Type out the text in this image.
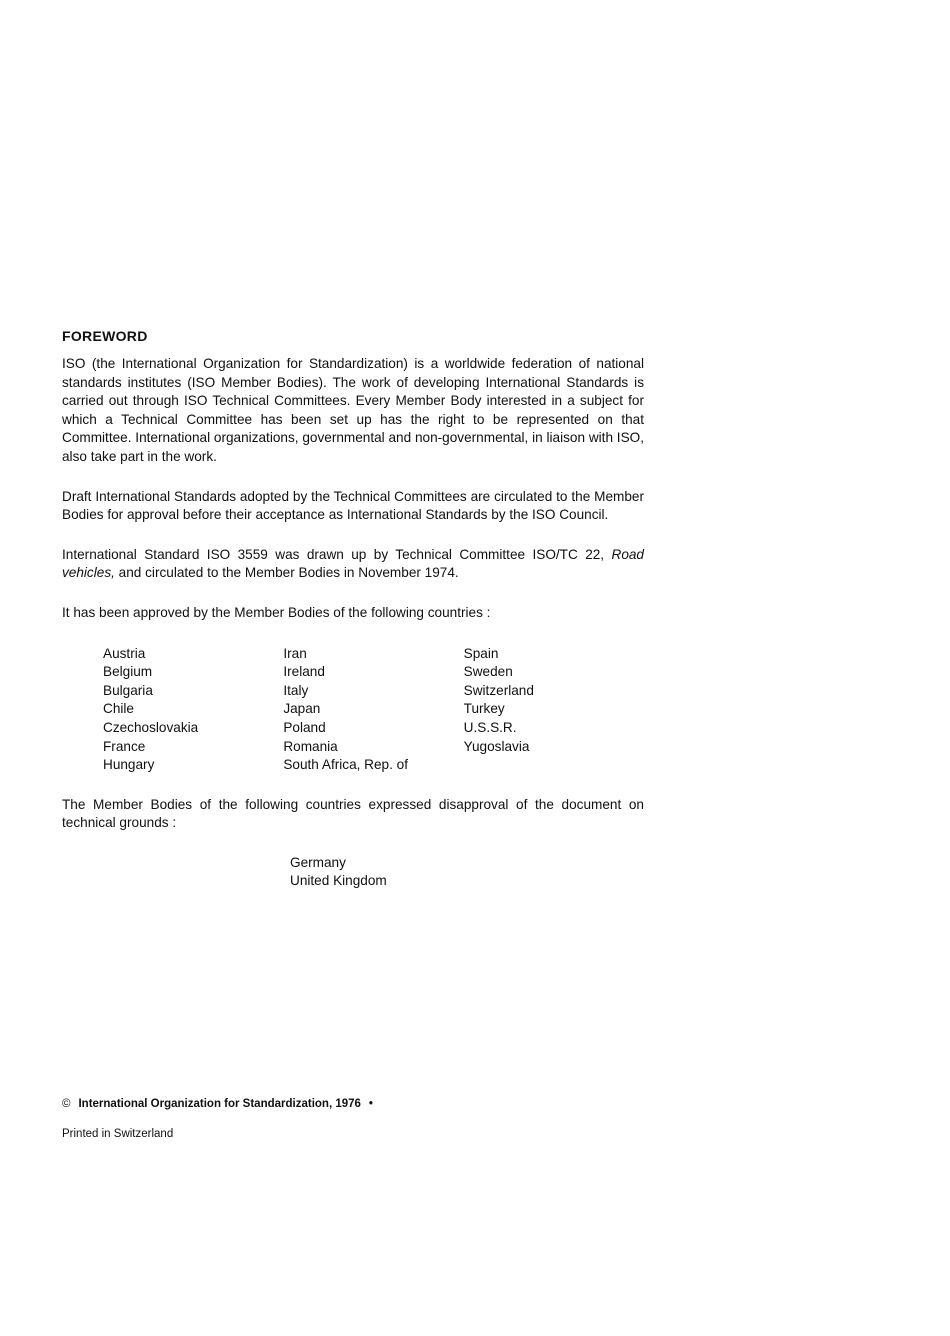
FOREWORD

ISO (the International Organization for Standardization) is a worldwide federation of national standards institutes (ISO Member Bodies). The work of developing International Standards is carried out through ISO Technical Committees. Every Member Body interested in a subject for which a Technical Committee has been set up has the right to be represented on that Committee. International organizations, governmental and non-governmental, in liaison with ISO, also take part in the work.

Draft International Standards adopted by the Technical Committees are circulated to the Member Bodies for approval before their acceptance as International Standards by the ISO Council.

International Standard ISO 3559 was drawn up by Technical Committee ISO/TC 22, Road vehicles, and circulated to the Member Bodies in November 1974.

It has been approved by the Member Bodies of the following countries :

Austria
Belgium
Bulgaria
Chile
Czechoslovakia
France
Hungary
Iran
Ireland
Italy
Japan
Poland
Romania
South Africa, Rep. of
Spain
Sweden
Switzerland
Turkey
U.S.S.R.
Yugoslavia

The Member Bodies of the following countries expressed disapproval of the document on technical grounds :

Germany
United Kingdom
© International Organization for Standardization, 1976 •
Printed in Switzerland
